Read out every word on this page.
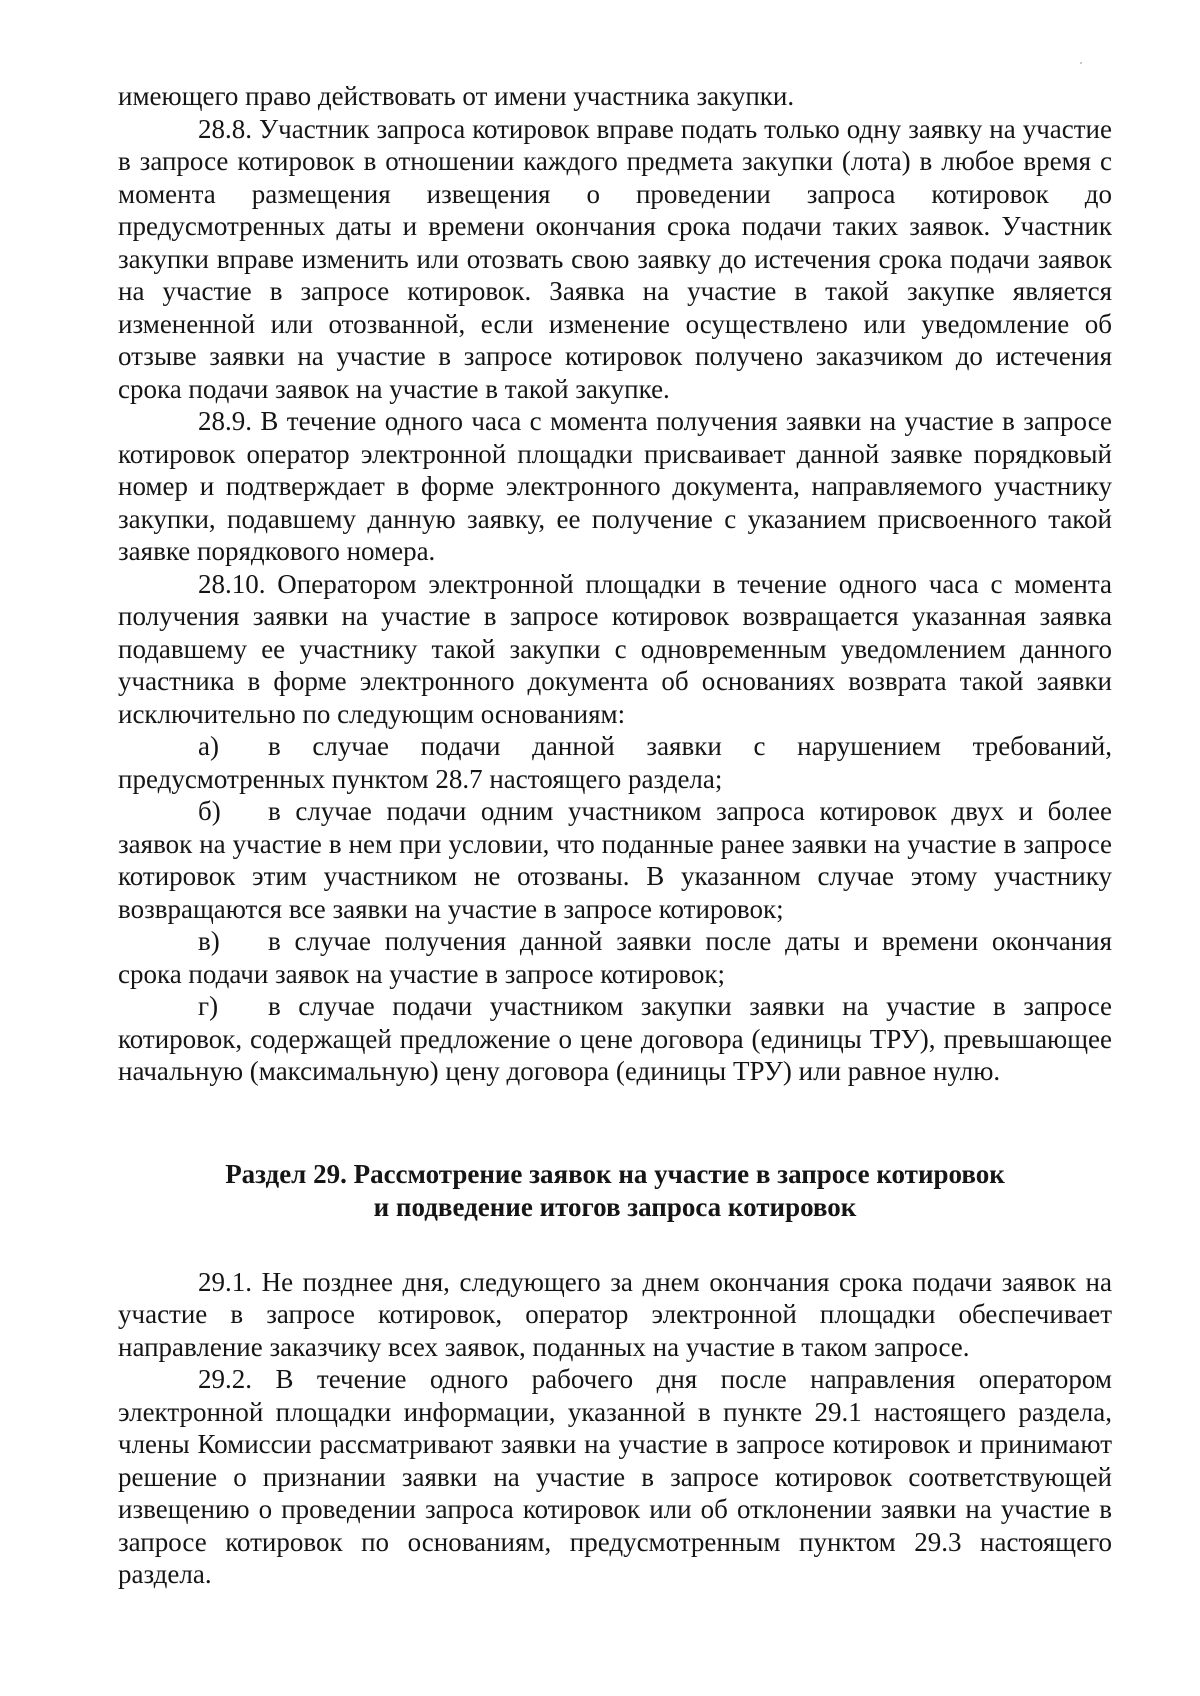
имеющего право действовать от имени участника закупки.

28.8. Участник запроса котировок вправе подать только одну заявку на участие в запросе котировок в отношении каждого предмета закупки (лота) в любое время с момента размещения извещения о проведении запроса котировок до предусмотренных даты и времени окончания срока подачи таких заявок. Участник закупки вправе изменить или отозвать свою заявку до истечения срока подачи заявок на участие в запросе котировок. Заявка на участие в такой закупке является измененной или отозванной, если изменение осуществлено или уведомление об отзыве заявки на участие в запросе котировок получено заказчиком до истечения срока подачи заявок на участие в такой закупке.

28.9. В течение одного часа с момента получения заявки на участие в запросе котировок оператор электронной площадки присваивает данной заявке порядковый номер и подтверждает в форме электронного документа, направляемого участнику закупки, подавшему данную заявку, ее получение с указанием присвоенного такой заявке порядкового номера.

28.10. Оператором электронной площадки в течение одного часа с момента получения заявки на участие в запросе котировок возвращается указанная заявка подавшему ее участнику такой закупки с одновременным уведомлением данного участника в форме электронного документа об основаниях возврата такой заявки исключительно по следующим основаниям:

а) в случае подачи данной заявки с нарушением требований, предусмотренных пунктом 28.7 настоящего раздела;

б) в случае подачи одним участником запроса котировок двух и более заявок на участие в нем при условии, что поданные ранее заявки на участие в запросе котировок этим участником не отозваны. В указанном случае этому участнику возвращаются все заявки на участие в запросе котировок;

в) в случае получения данной заявки после даты и времени окончания срока подачи заявок на участие в запросе котировок;

г) в случае подачи участником закупки заявки на участие в запросе котировок, содержащей предложение о цене договора (единицы ТРУ), превышающее начальную (максимальную) цену договора (единицы ТРУ) или равное нулю.

Раздел 29. Рассмотрение заявок на участие в запросе котировок
и подведение итогов запроса котировок

29.1. Не позднее дня, следующего за днем окончания срока подачи заявок на участие в запросе котировок, оператор электронной площадки обеспечивает направление заказчику всех заявок, поданных на участие в таком запросе.

29.2. В течение одного рабочего дня после направления оператором электронной площадки информации, указанной в пункте 29.1 настоящего раздела, члены Комиссии рассматривают заявки на участие в запросе котировок и принимают решение о признании заявки на участие в запросе котировок соответствующей извещению о проведении запроса котировок или об отклонении заявки на участие в запросе котировок по основаниям, предусмотренным пунктом 29.3 настоящего раздела.
